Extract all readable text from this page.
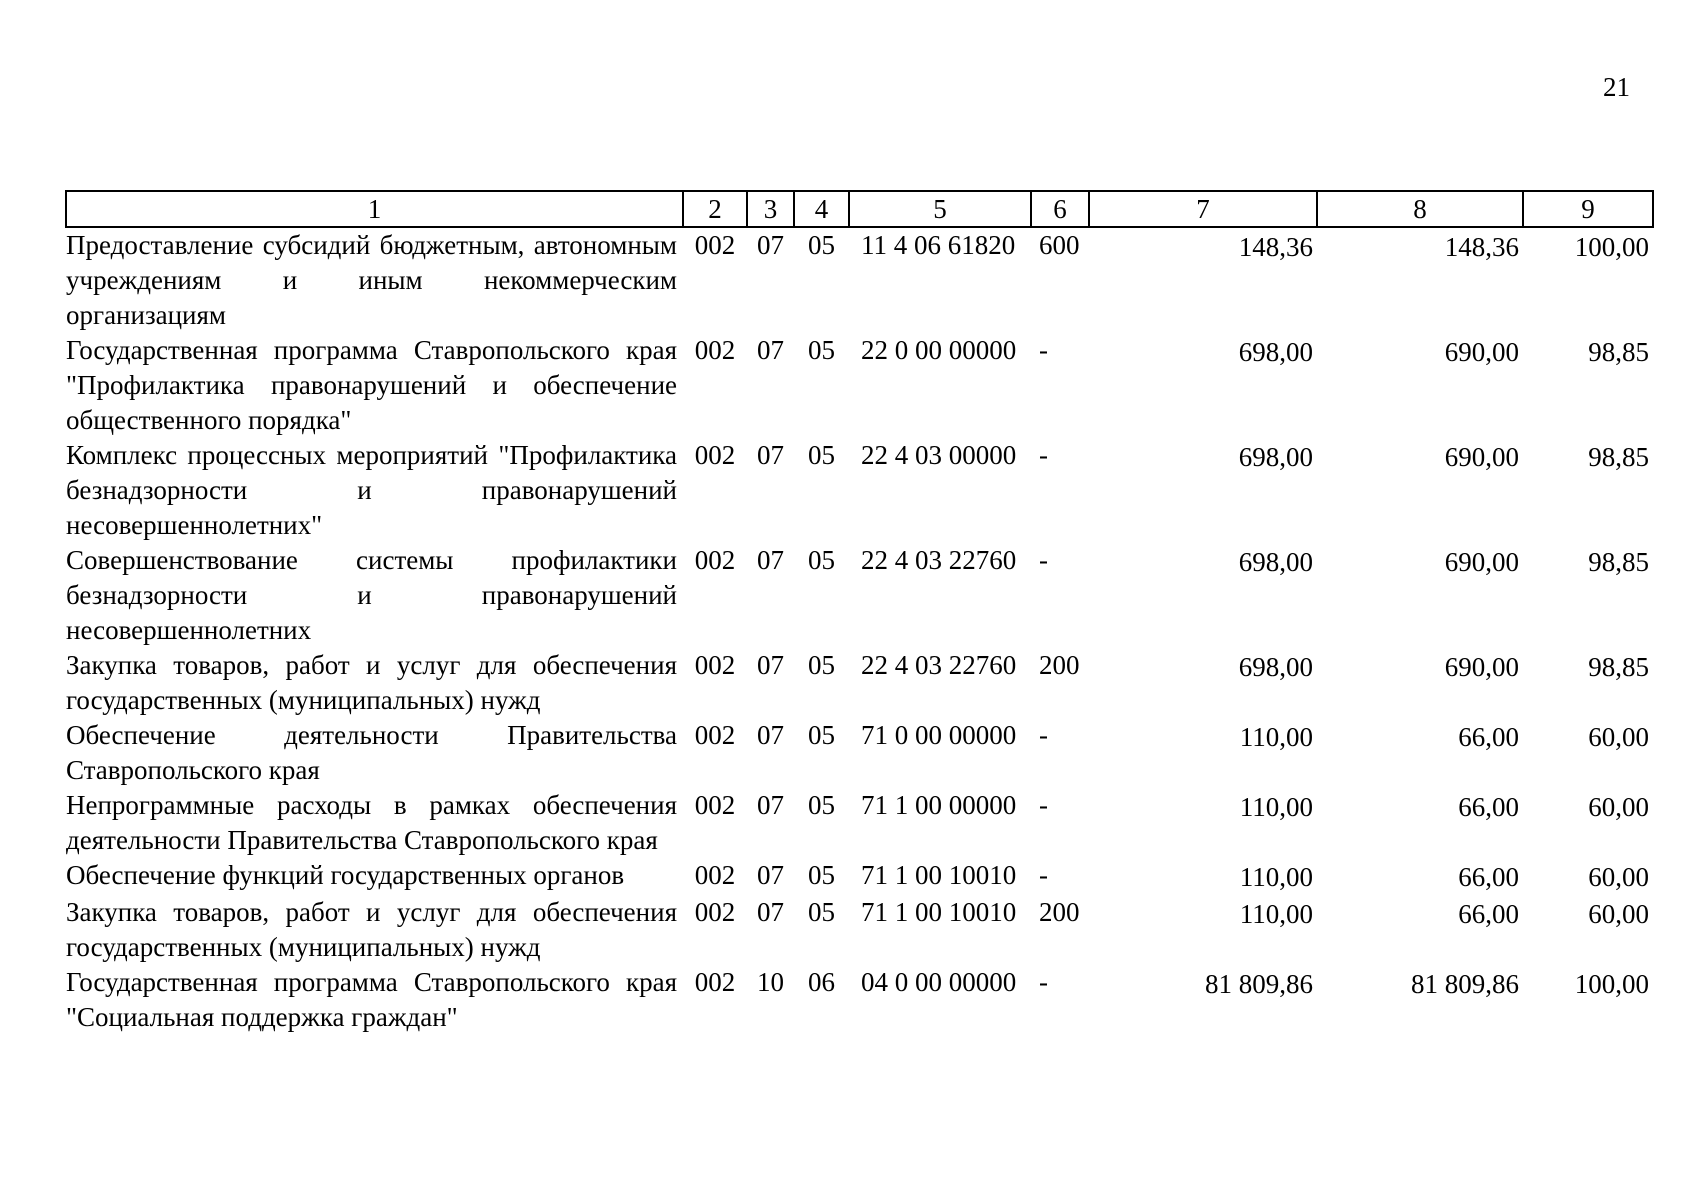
21
1	2	3	4	5	6	7	8	9
Предоставление субсидий бюджетным, автономным учреждениям и иным некоммерческим организациям	002	07	05	11 4 06 61820	600	148,36	148,36	100,00
Государственная программа Ставропольского края "Профилактика правонарушений и обеспечение общественного порядка"	002	07	05	22 0 00 00000	-	698,00	690,00	98,85
Комплекс процессных мероприятий "Профилактика безнадзорности и правонарушений несовершеннолетних"	002	07	05	22 4 03 00000	-	698,00	690,00	98,85
Совершенствование системы профилактики безнадзорности и правонарушений несовершеннолетних	002	07	05	22 4 03 22760	-	698,00	690,00	98,85
Закупка товаров, работ и услуг для обеспечения государственных (муниципальных) нужд	002	07	05	22 4 03 22760	200	698,00	690,00	98,85
Обеспечение деятельности Правительства Ставропольского края	002	07	05	71 0 00 00000	-	110,00	66,00	60,00
Непрограммные расходы в рамках обеспечения деятельности Правительства Ставропольского края	002	07	05	71 1 00 00000	-	110,00	66,00	60,00
Обеспечение функций государственных органов	002	07	05	71 1 00 10010	-	110,00	66,00	60,00
Закупка товаров, работ и услуг для обеспечения государственных (муниципальных) нужд	002	07	05	71 1 00 10010	200	110,00	66,00	60,00
Государственная программа Ставропольского края "Социальная поддержка граждан"	002	10	06	04 0 00 00000	-	81 809,86	81 809,86	100,00
